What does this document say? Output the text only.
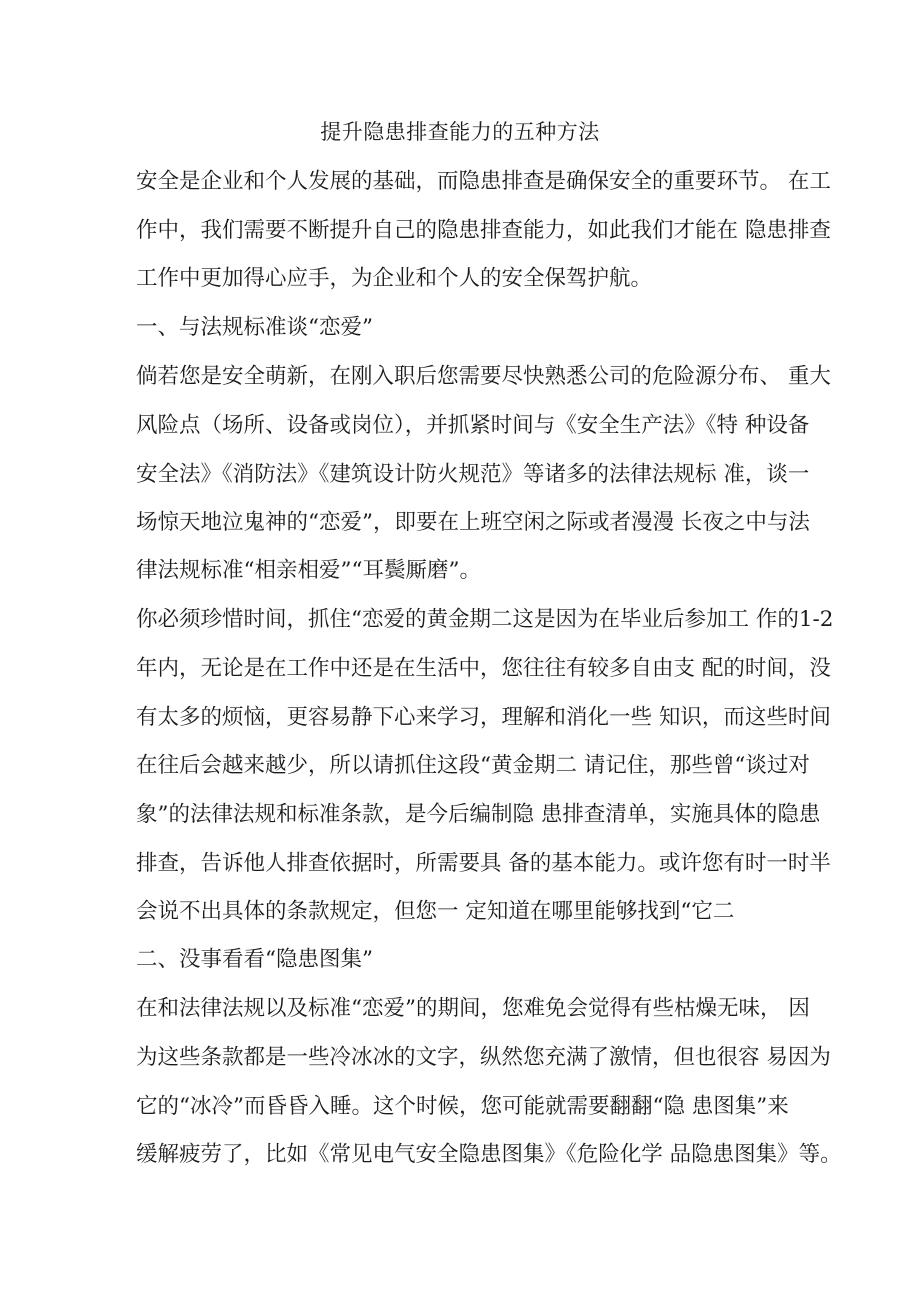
提升隐患排查能力的五种方法
安全是企业和个人发展的基础，而隐患排查是确保安全的重要环节。 在工
作中，我们需要不断提升自己的隐患排查能力，如此我们才能在 隐患排查
工作中更加得心应手，为企业和个人的安全保驾护航。
一、与法规标准谈“恋爱”
倘若您是安全萌新，在刚入职后您需要尽快熟悉公司的危险源分布、 重大
风险点（场所、设备或岗位），并抓紧时间与《安全生产法》《特 种设备
安全法》《消防法》《建筑设计防火规范》等诸多的法律法规标 准，谈一
场惊天地泣鬼神的“恋爱”，即要在上班空闲之际或者漫漫 长夜之中与法
律法规标准“相亲相爱”“耳鬓厮磨”。
你必须珍惜时间，抓住“恋爱的黄金期二这是因为在毕业后参加工 作的1-2
年内，无论是在工作中还是在生活中，您往往有较多自由支 配的时间，没
有太多的烦恼，更容易静下心来学习，理解和消化一些 知识，而这些时间
在往后会越来越少，所以请抓住这段“黄金期二 请记住，那些曾“谈过对
象”的法律法规和标准条款，是今后编制隐 患排查清单，实施具体的隐患
排查，告诉他人排查依据时，所需要具 备的基本能力。或许您有时一时半
会说不出具体的条款规定，但您一 定知道在哪里能够找到“它二
二、没事看看“隐患图集”
在和法律法规以及标准“恋爱”的期间，您难免会觉得有些枯燥无味， 因
为这些条款都是一些冷冰冰的文字，纵然您充满了激情，但也很容 易因为
它的“冰冷”而昏昏入睡。这个时候，您可能就需要翻翻“隐 患图集”来
缓解疲劳了，比如《常见电气安全隐患图集》《危险化学 品隐患图集》等。
